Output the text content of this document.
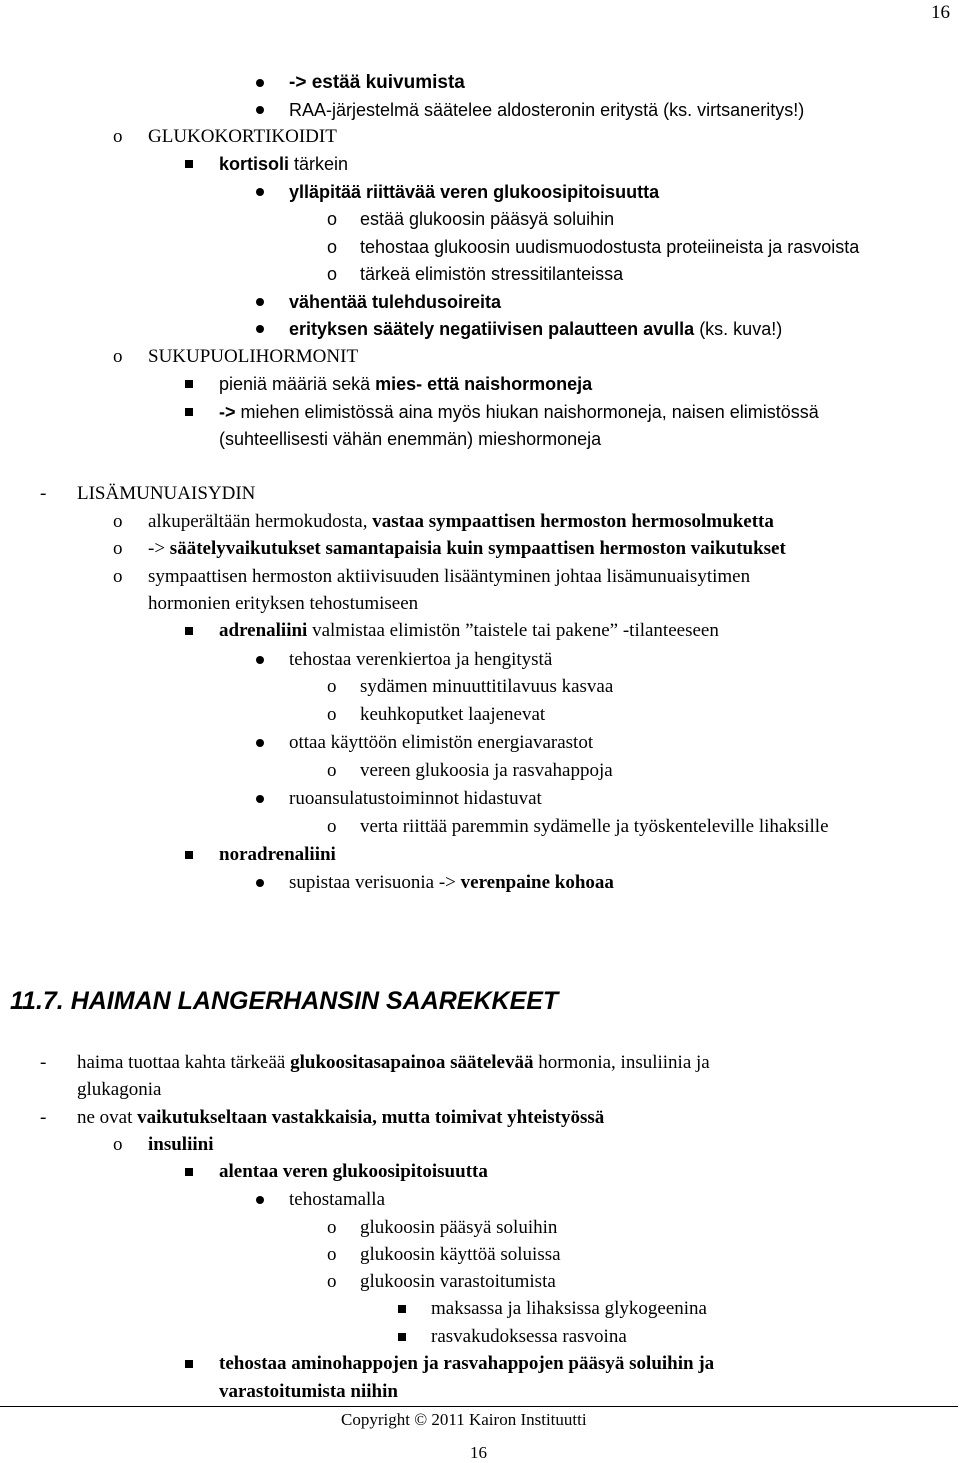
16
-> estää kuivumista
RAA-järjestelmä säätelee aldosteronin eritystä (ks. virtsaneritys!)
o GLUKOKORTIKOIDIT
kortisoli tärkein
ylläpitää riittävää veren glukoosipitoisuutta
o estää glukoosin pääsyä soluihin
o tehostaa glukoosin uudismuodostusta proteiineista ja rasvoista
o tärkeä elimistön stressitilanteissa
vähentää tulehdusoireita
erityksen säätely negatiivisen palautteen avulla (ks. kuva!)
o SUKUPUOLIHORMONIT
pieniä määriä sekä mies- että naishormoneja
-> miehen elimistössä aina myös hiukan naishormoneja, naisen elimistössä
(suhteellisesti vähän enemmän) mieshormoneja
- LISÄMUNUAISYDIN
o alkuperältään hermokudosta, vastaa sympaattisen hermoston hermosolmuketta
o -> säätelyvaikutukset samantapaisia kuin sympaattisen hermoston vaikutukset
o sympaattisen hermoston aktiivisuuden lisääntyminen johtaa lisämunuaisytimen
hormonien erityksen tehostumiseen
adrenaliini valmistaa elimistön ”taistele tai pakene” -tilanteeseen
tehostaa verenkiertoa ja hengitystä
o sydämen minuuttitilavuus kasvaa
o keuhkoputket laajenevat
ottaa käyttöön elimistön energiavarastot
o vereen glukoosia ja rasvahappoja
ruoansulatustoiminnot hidastuvat
o verta riittää paremmin sydämelle ja työskenteleville lihaksille
noradrenaliini
supistaa verisuonia -> verenpaine kohoaa
11.7. HAIMAN LANGERHANSIN SAAREKKEET
- haima tuottaa kahta tärkeää glukoositasapainoa säätelevää hormonia, insuliinia ja
glukagonia
- ne ovat vaikutukseltaan vastakkaisia, mutta toimivat yhteistyössä
o insuliini
alentaa veren glukoosipitoisuutta
tehostamalla
o glukoosin pääsyä soluihin
o glukoosin käyttöä soluissa
o glukoosin varastoitumista
maksassa ja lihaksissa glykogeenina
rasvakudoksessa rasvoina
tehostaa aminohappojen ja rasvahappojen pääsyä soluihin ja
varastoitumista niihin
Copyright © 2011 Kairon Instituutti
16
